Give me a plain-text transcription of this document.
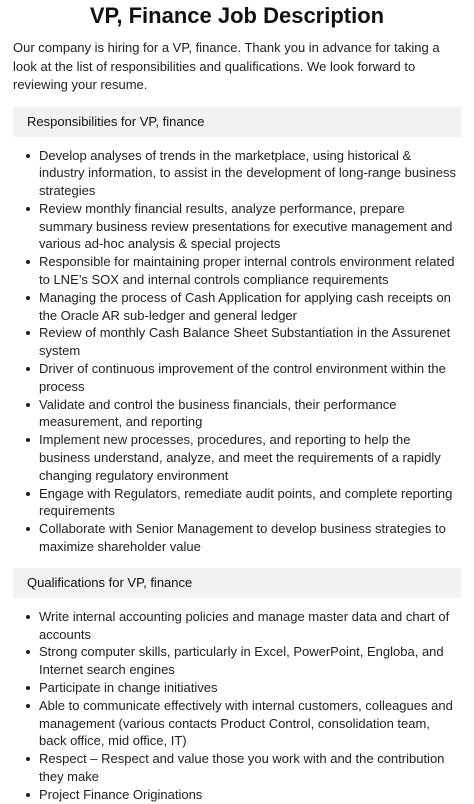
VP, Finance Job Description

Our company is hiring for a VP, finance. Thank you in advance for taking a look at the list of responsibilities and qualifications. We look forward to reviewing your resume.

Responsibilities for VP, finance
Develop analyses of trends in the marketplace, using historical & industry information, to assist in the development of long-range business strategies
Review monthly financial results, analyze performance, prepare summary business review presentations for executive management and various ad-hoc analysis & special projects
Responsible for maintaining proper internal controls environment related to LNE’s SOX and internal controls compliance requirements
Managing the process of Cash Application for applying cash receipts on the Oracle AR sub-ledger and general ledger
Review of monthly Cash Balance Sheet Substantiation in the Assurenet system
Driver of continuous improvement of the control environment within the process
Validate and control the business financials, their performance measurement, and reporting
Implement new processes, procedures, and reporting to help the business understand, analyze, and meet the requirements of a rapidly changing regulatory environment
Engage with Regulators, remediate audit points, and complete reporting requirements
Collaborate with Senior Management to develop business strategies to maximize shareholder value
Qualifications for VP, finance
Write internal accounting policies and manage master data and chart of accounts
Strong computer skills, particularly in Excel, PowerPoint, Engloba, and Internet search engines
Participate in change initiatives
Able to communicate effectively with internal customers, colleagues and management (various contacts Product Control, consolidation team, back office, mid office, IT)
Respect – Respect and value those you work with and the contribution they make
Project Finance Originations
